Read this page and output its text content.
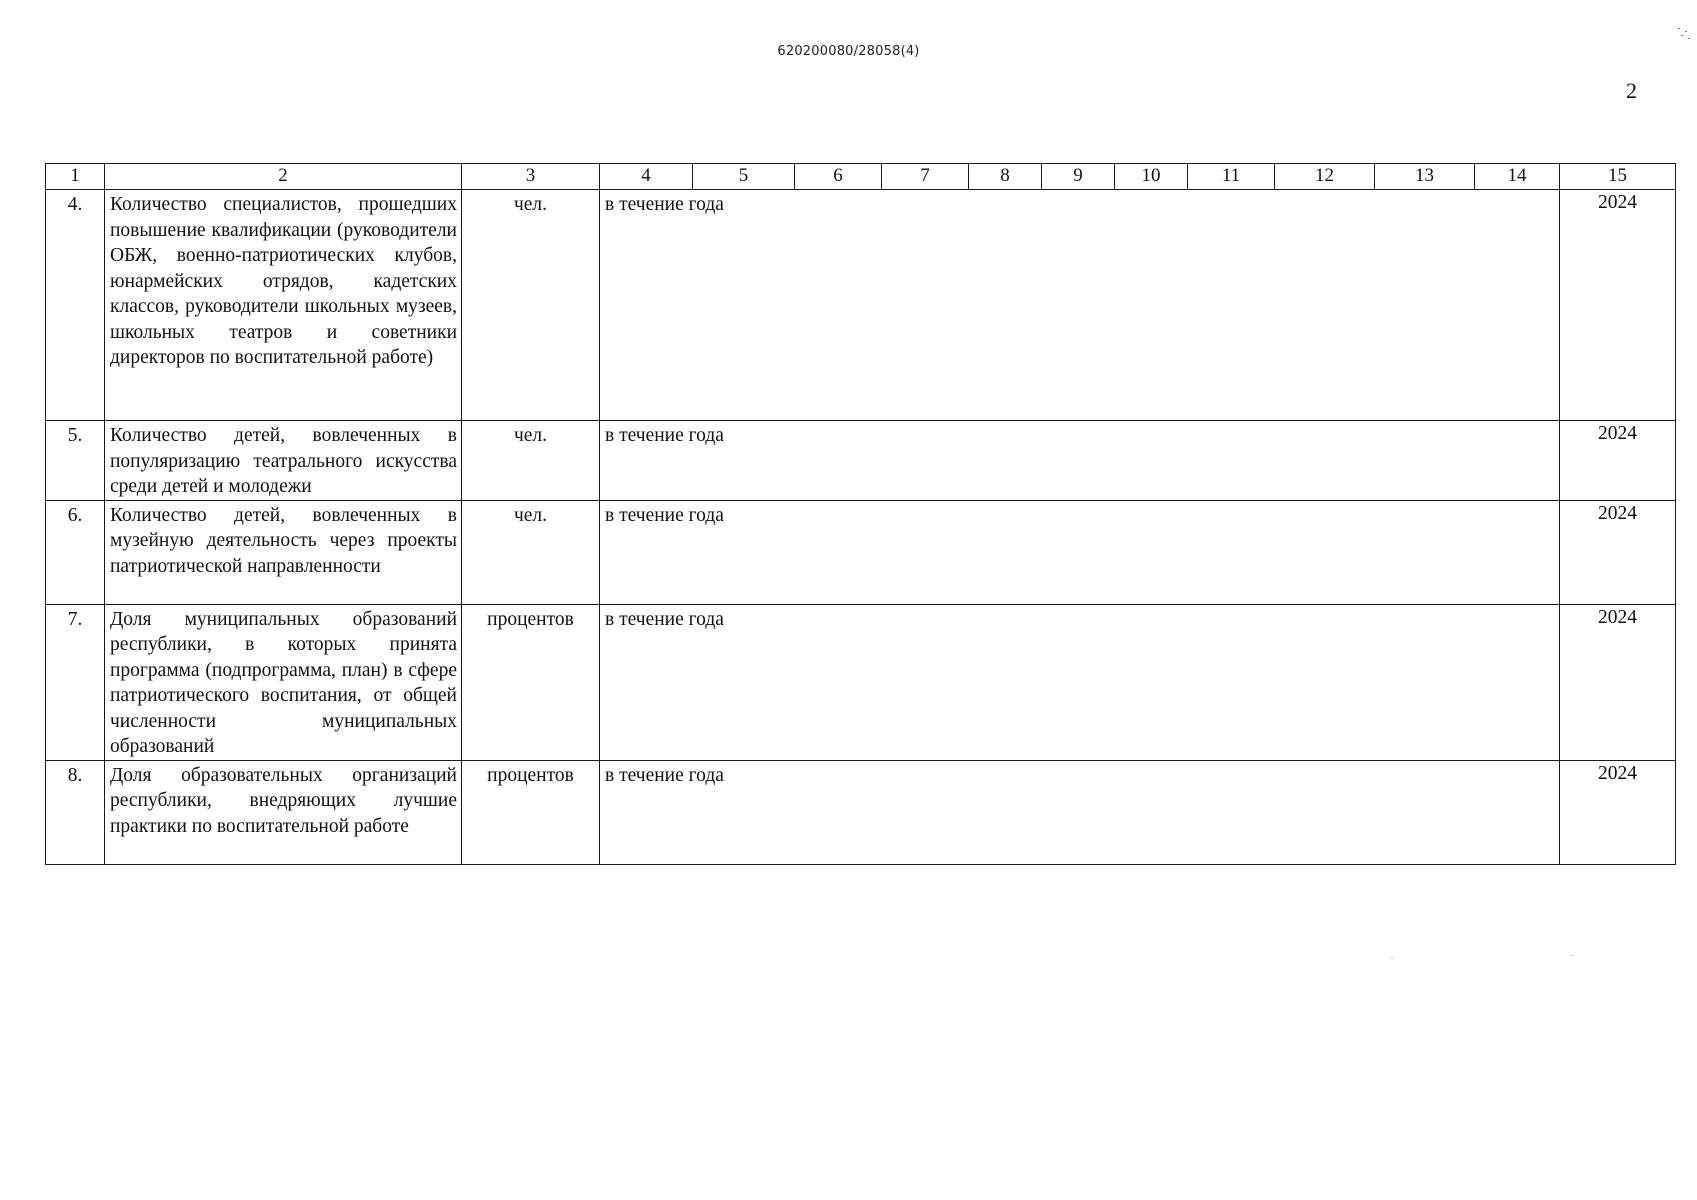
620200080/28058(4)
2
1	2	3	4	5	6	7	8	9	10	11	12	13	14	15
4.	Количество специалистов, прошедших повышение квалификации (руководители ОБЖ, военно-патриотических клубов, юнармейских отрядов, кадетских классов, руководители школьных музеев, школьных театров и советники директоров по воспитательной работе)	чел.	в течение года											2024
5.	Количество детей, вовлеченных в популяризацию театрального искусства среди детей и молодежи	чел.	в течение года											2024
6.	Количество детей, вовлеченных в музейную деятельность через проекты патриотической направленности	чел.	в течение года											2024
7.	Доля муниципальных образований республики, в которых принята программа (подпрограмма, план) в сфере патриотического воспитания, от общей численности муниципальных образований	процентов	в течение года											2024
8.	Доля образовательных организаций республики, внедряющих лучшие практики по воспитательной работе	процентов	в течение года											2024
